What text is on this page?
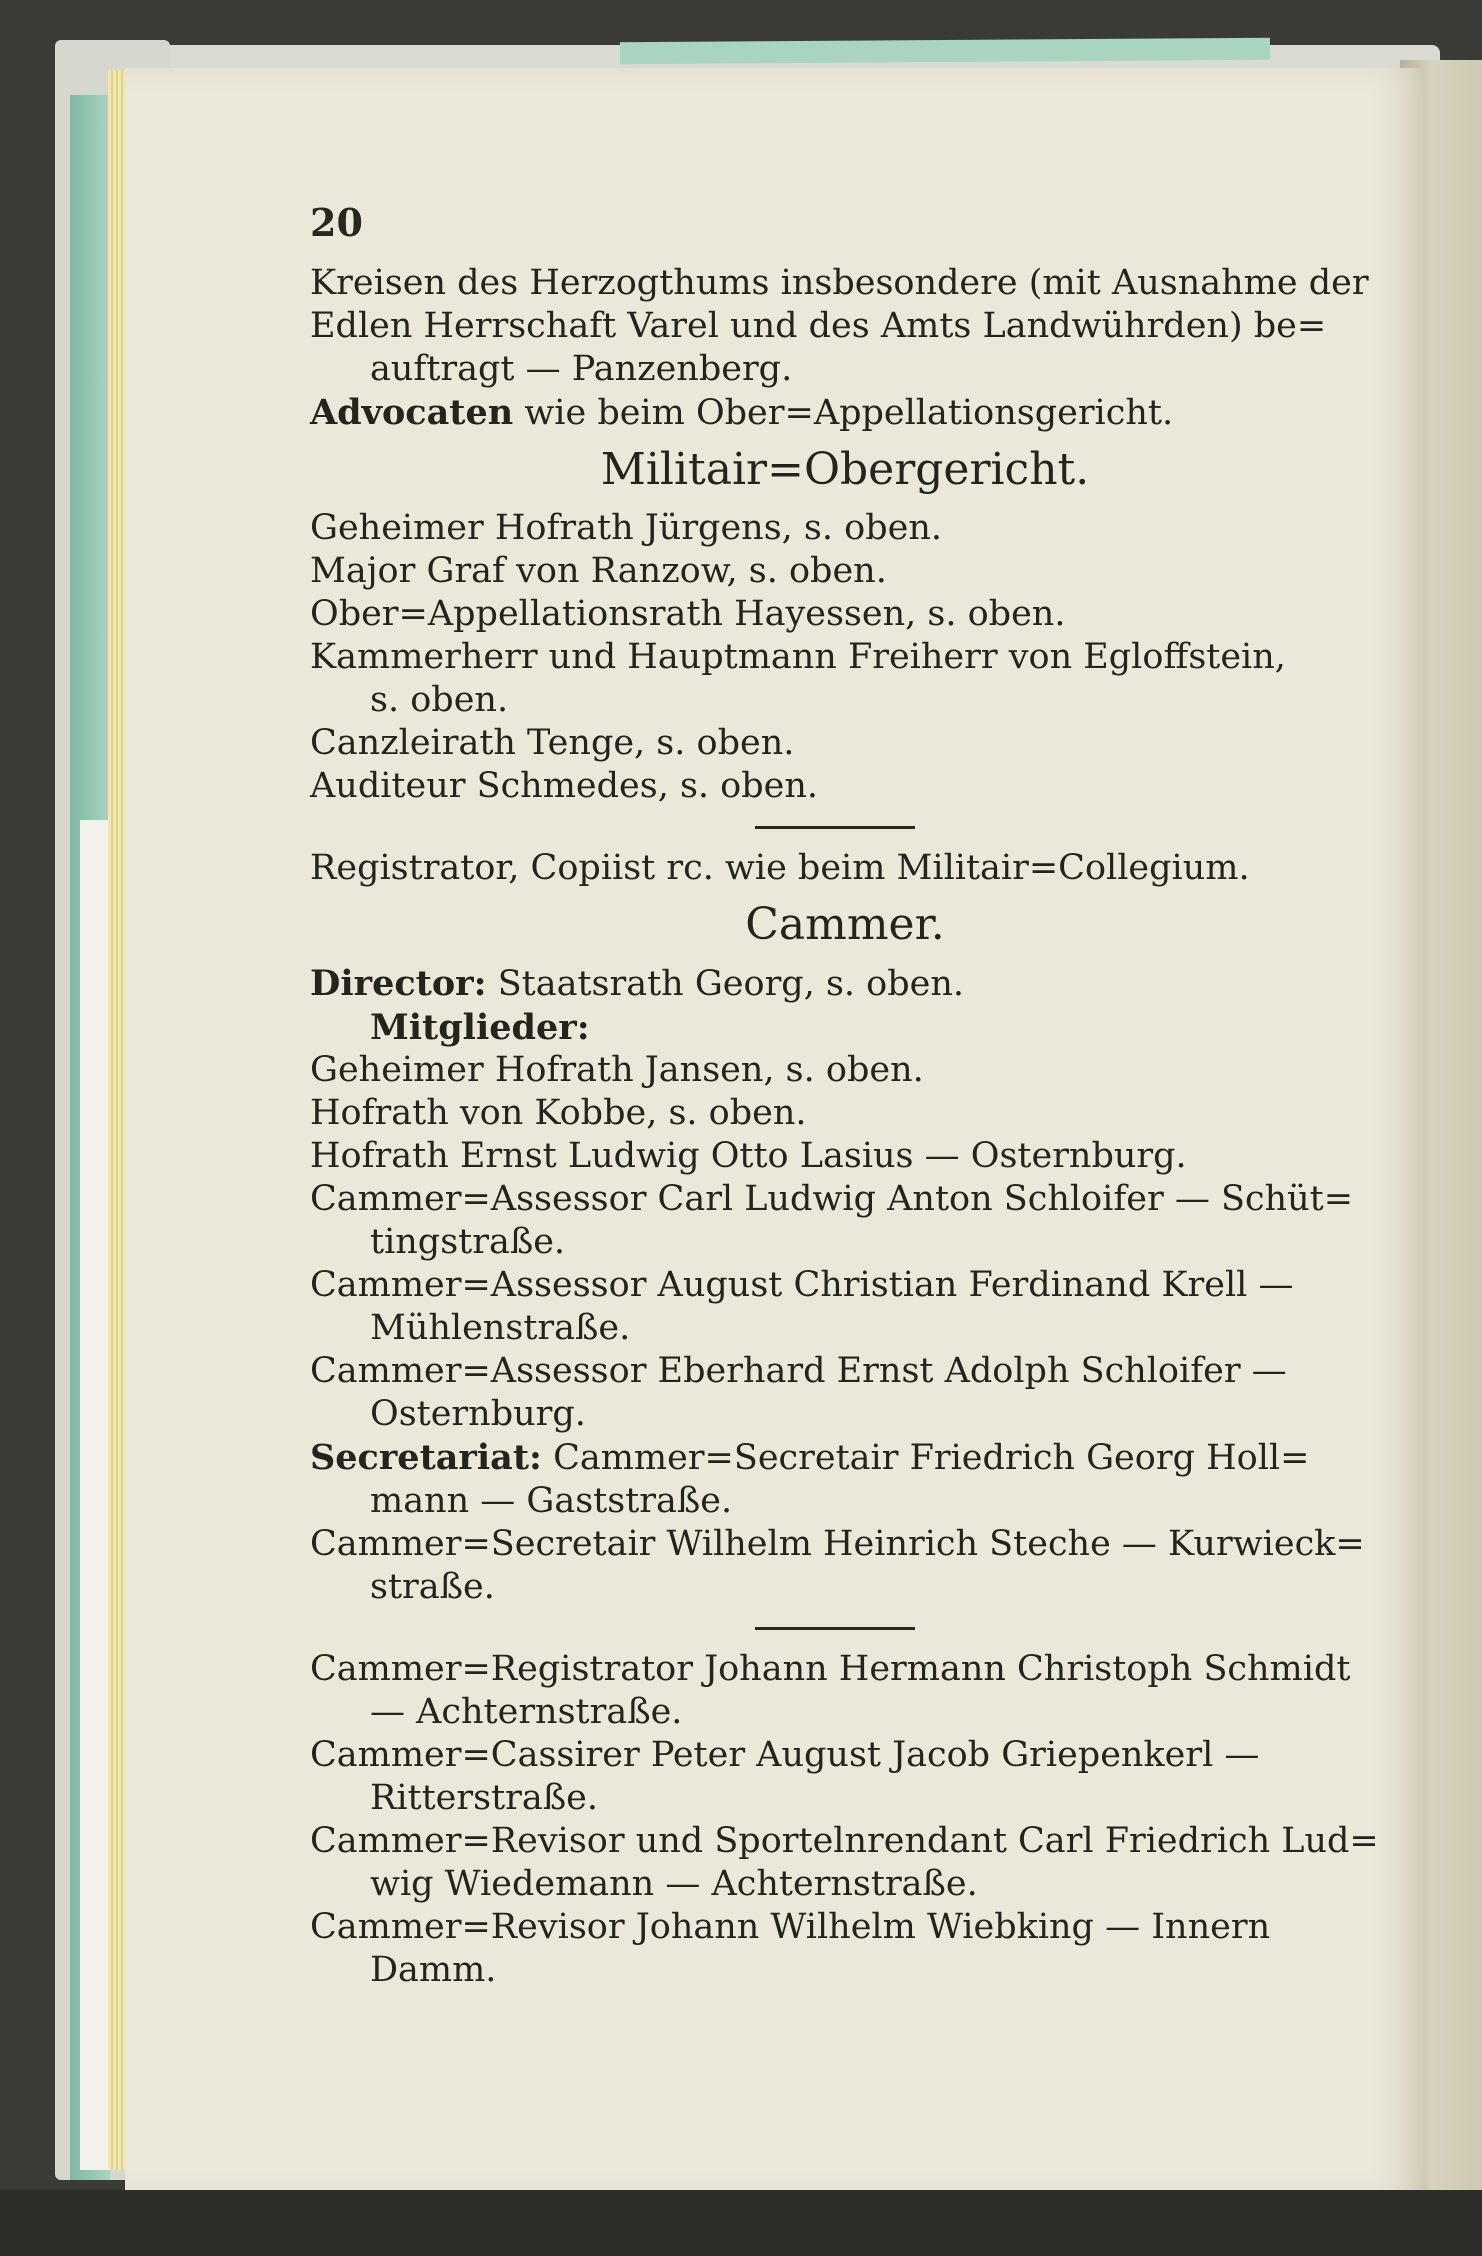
20
Kreisen des Herzogthums insbesondere (mit Ausnahme der
Edlen Herrschaft Varel und des Amts Landwührden) be=
auftragt — Panzenberg.
Advocaten wie beim Ober=Appellationsgericht.
Militair=Obergericht.
Geheimer Hofrath Jürgens, s. oben.
Major Graf von Ranzow, s. oben.
Ober=Appellationsrath Hayessen, s. oben.
Kammerherr und Hauptmann Freiherr von Egloffstein,
s. oben.
Canzleirath Tenge, s. oben.
Auditeur Schmedes, s. oben.
Registrator, Copiist rc. wie beim Militair=Collegium.
Cammer.
Director: Staatsrath Georg, s. oben.
Mitglieder:
Geheimer Hofrath Jansen, s. oben.
Hofrath von Kobbe, s. oben.
Hofrath Ernst Ludwig Otto Lasius — Osternburg.
Cammer=Assessor Carl Ludwig Anton Schloifer — Schüt=
tingstraße.
Cammer=Assessor August Christian Ferdinand Krell —
Mühlenstraße.
Cammer=Assessor Eberhard Ernst Adolph Schloifer —
Osternburg.
Secretariat: Cammer=Secretair Friedrich Georg Holl=
mann — Gaststraße.
Cammer=Secretair Wilhelm Heinrich Steche — Kurwieck=
straße.
Cammer=Registrator Johann Hermann Christoph Schmidt
— Achternstraße.
Cammer=Cassirer Peter August Jacob Griepenkerl —
Ritterstraße.
Cammer=Revisor und Sportelnrendant Carl Friedrich Lud=
wig Wiedemann — Achternstraße.
Cammer=Revisor Johann Wilhelm Wiebking — Innern
Damm.
